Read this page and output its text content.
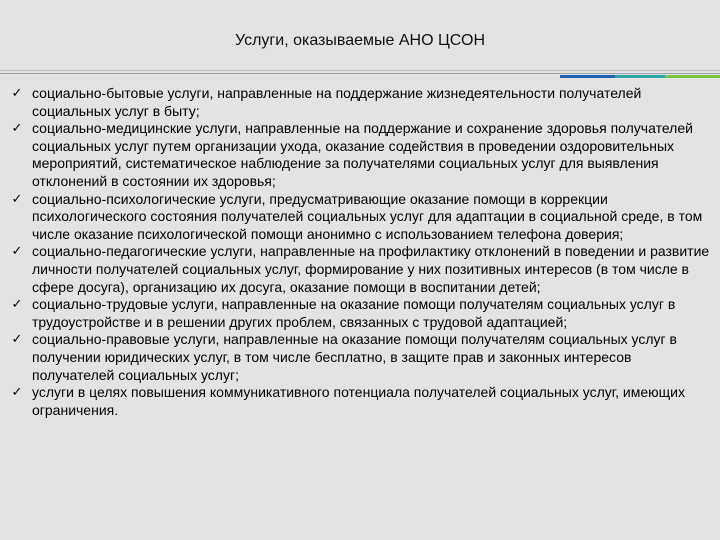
Услуги, оказываемые АНО ЦСОН

✓ социально-бытовые услуги, направленные на поддержание жизнедеятельности получателей социальных услуг в быту;

✓ социально-медицинские услуги, направленные на поддержание и сохранение здоровья получателей социальных услуг путем организации ухода, оказание содействия в проведении оздоровительных мероприятий, систематическое наблюдение за получателями социальных услуг для выявления отклонений в состоянии их здоровья;

✓ социально-психологические услуги, предусматривающие оказание помощи в коррекции психологического состояния получателей социальных услуг для адаптации в социальной среде, в том числе оказание психологической помощи анонимно с использованием телефона доверия;

✓ социально-педагогические услуги, направленные на профилактику отклонений в поведении и развитие личности получателей социальных услуг, формирование у них позитивных интересов (в том числе в сфере досуга), организацию их досуга, оказание помощи в воспитании детей;

✓ социально-трудовые услуги, направленные на оказание помощи получателям социальных услуг в трудоустройстве и в решении других проблем, связанных с трудовой адаптацией;

✓ социально-правовые услуги, направленные на оказание помощи получателям социальных услуг в получении юридических услуг, в том числе бесплатно, в защите прав и законных интересов получателей социальных услуг;

✓ услуги в целях повышения коммуникативного потенциала получателей социальных услуг, имеющих ограничения.
